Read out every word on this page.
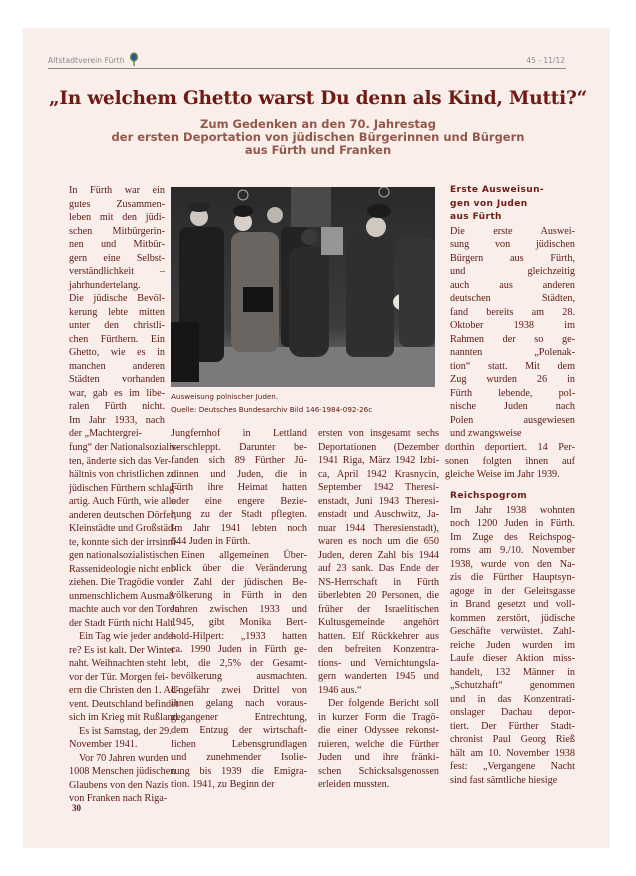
Altstadtverein Fürth	45 - 11/12
„In welchem Ghetto warst Du denn als Kind, Mutti?“
Zum Gedenken an den 70. Jahrestag
der ersten Deportation von jüdischen Bürgerinnen und Bürgern
aus Fürth und Franken
Ausweisung polnischer Juden.
Quelle: Deutsches Bundesarchiv Bild 146-1984-092-26c
In Fürth war ein
gutes Zusammen-
leben mit den jüdi-
schen Mitbürgerin-
nen und Mitbür-
gern eine Selbst-
verständlichkeit –
jahrhundertelang.
Die jüdische Bevöl-
kerung lebte mitten
unter den christli-
chen Fürthern. Ein
Ghetto, wie es in
manchen anderen
Städten vorhanden
war, gab es im libe-
ralen Fürth nicht.
Im Jahr 1933, nach
der „Machtergrei-
fung“ der Nationalsozialis-
ten, änderte sich das Ver-
hältnis von christlichen zu
jüdischen Fürthern schlag-
artig. Auch Fürth, wie alle
anderen deutschen Dörfer,
Kleinstädte und Großstäd-
te, konnte sich der irrsinni-
gen nationalsozialistischen
Rassenideologie nicht ent-
ziehen. Die Tragödie von
unmenschlichem Ausmaß
machte auch vor den Toren
der Stadt Fürth nicht Halt.
Ein Tag wie jeder ande-
re? Es ist kalt. Der Winter
naht. Weihnachten steht
vor der Tür. Morgen fei-
ern die Christen den 1. Ad-
vent. Deutschland befindet
sich im Krieg mit Rußland.
Es ist Samstag, der 29.
November 1941.
Vor 70 Jahren wurden
1008 Menschen jüdischen
Glaubens von den Nazis
von Franken nach Riga-
Jungfernhof in Lettland
verschleppt. Darunter be-
fanden sich 89 Fürther Jü-
dinnen und Juden, die in
Fürth ihre Heimat hatten
oder eine engere Bezie-
hung zu der Stadt pflegten.
Im Jahr 1941 lebten noch
644 Juden in Fürth.
Einen allgemeinen Über-
blick über die Veränderung
der Zahl der jüdischen Be-
völkerung in Fürth in den
Jahren zwischen 1933 und
1945, gibt Monika Bert-
hold-Hilpert: „1933 hatten
ca. 1990 Juden in Fürth ge-
lebt, die 2,5% der Gesamt-
bevölkerung ausmachten.
Ungefähr zwei Drittel von
ihnen gelang nach voraus-
gegangener Entrechtung,
dem Entzug der wirtschaft-
lichen Lebensgrundlagen
und zunehmender Isolie-
rung bis 1939 die Emigra-
tion. 1941, zu Beginn der
ersten von insgesamt sechs
Deportationen (Dezember
1941 Riga, März 1942 Izbi-
ca, April 1942 Krasnycin,
September 1942 Theresi-
enstadt, Juni 1943 Theresi-
enstadt und Auschwitz, Ja-
nuar 1944 Theresienstadt),
waren es noch um die 650
Juden, deren Zahl bis 1944
auf 23 sank. Das Ende der
NS-Herrschaft in Fürth
überlebten 20 Personen, die
früher der Israelitischen
Kultusgemeinde angehört
hatten. Elf Rückkehrer aus
den befreiten Konzentra-
tions- und Vernichtungsla-
gern wanderten 1945 und
1946 aus.“
Der folgende Bericht soll
in kurzer Form die Tragö-
die einer Odyssee rekonst-
ruieren, welche die Fürther
Juden und ihre fränki-
schen Schicksalsgenossen
erleiden mussten.
Erste Ausweisun-
gen von Juden
aus Fürth
Die erste Auswei-
sung von jüdischen
Bürgern aus Fürth,
und gleichzeitig
auch aus anderen
deutschen Städten,
fand bereits am 28.
Oktober 1938 im
Rahmen der so ge-
nannten „Polenak-
tion“ statt. Mit dem
Zug wurden 26 in
Fürth lebende, pol-
nische Juden nach
Polen ausgewiesen
und zwangsweise
dorthin deportiert. 14 Per-
sonen folgten ihnen auf
gleiche Weise im Jahr 1939.
Reichspogrom
Im Jahr 1938 wohnten
noch 1200 Juden in Fürth.
Im Zuge des Reichspog-
roms am 9./10. November
1938, wurde von den Na-
zis die Fürther Hauptsyn-
agoge in der Geleitsgasse
in Brand gesetzt und voll-
kommen zerstört, jüdische
Geschäfte verwüstet. Zahl-
reiche Juden wurden im
Laufe dieser Aktion miss-
handelt, 132 Männer in
„Schutzhaft“ genommen
und in das Konzentrati-
onslager Dachau depor-
tiert. Der Fürther Stadt-
chronist Paul Georg Rieß
hält am 10. November 1938
fest: „Vergangene Nacht
sind fast sämtliche hiesige
30
